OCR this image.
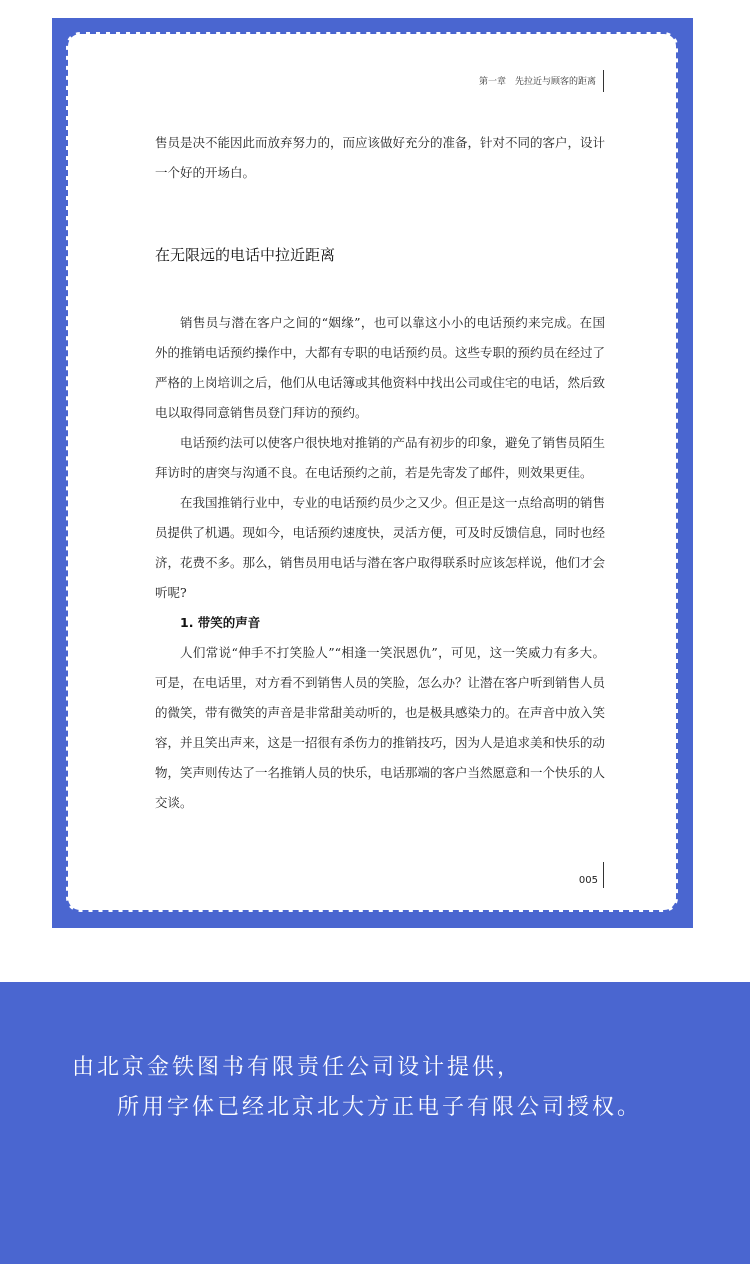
第一章　先拉近与顾客的距离

售员是决不能因此而放弃努力的，而应该做好充分的准备，针对不同的客户，设计一个好的开场白。

在无限远的电话中拉近距离

销售员与潜在客户之间的“姻缘”，也可以靠这小小的电话预约来完成。在国外的推销电话预约操作中，大都有专职的电话预约员。这些专职的预约员在经过了严格的上岗培训之后，他们从电话簿或其他资料中找出公司或住宅的电话，然后致电以取得同意销售员登门拜访的预约。

电话预约法可以使客户很快地对推销的产品有初步的印象，避免了销售员陌生拜访时的唐突与沟通不良。在电话预约之前，若是先寄发了邮件，则效果更佳。

在我国推销行业中，专业的电话预约员少之又少。但正是这一点给高明的销售员提供了机遇。现如今，电话预约速度快，灵活方便，可及时反馈信息，同时也经济，花费不多。那么，销售员用电话与潜在客户取得联系时应该怎样说，他们才会听呢?

1. 带笑的声音

人们常说“伸手不打笑脸人”“相逢一笑泯恩仇”，可见，这一笑威力有多大。可是，在电话里，对方看不到销售人员的笑脸，怎么办？让潜在客户听到销售人员的微笑，带有微笑的声音是非常甜美动听的，也是极具感染力的。在声音中放入笑容，并且笑出声来，这是一招很有杀伤力的推销技巧，因为人是追求美和快乐的动物，笑声则传达了一名推销人员的快乐，电话那端的客户当然愿意和一个快乐的人交谈。

005
由北京金铁图书有限责任公司设计提供，
所用字体已经北京北大方正电子有限公司授权。
